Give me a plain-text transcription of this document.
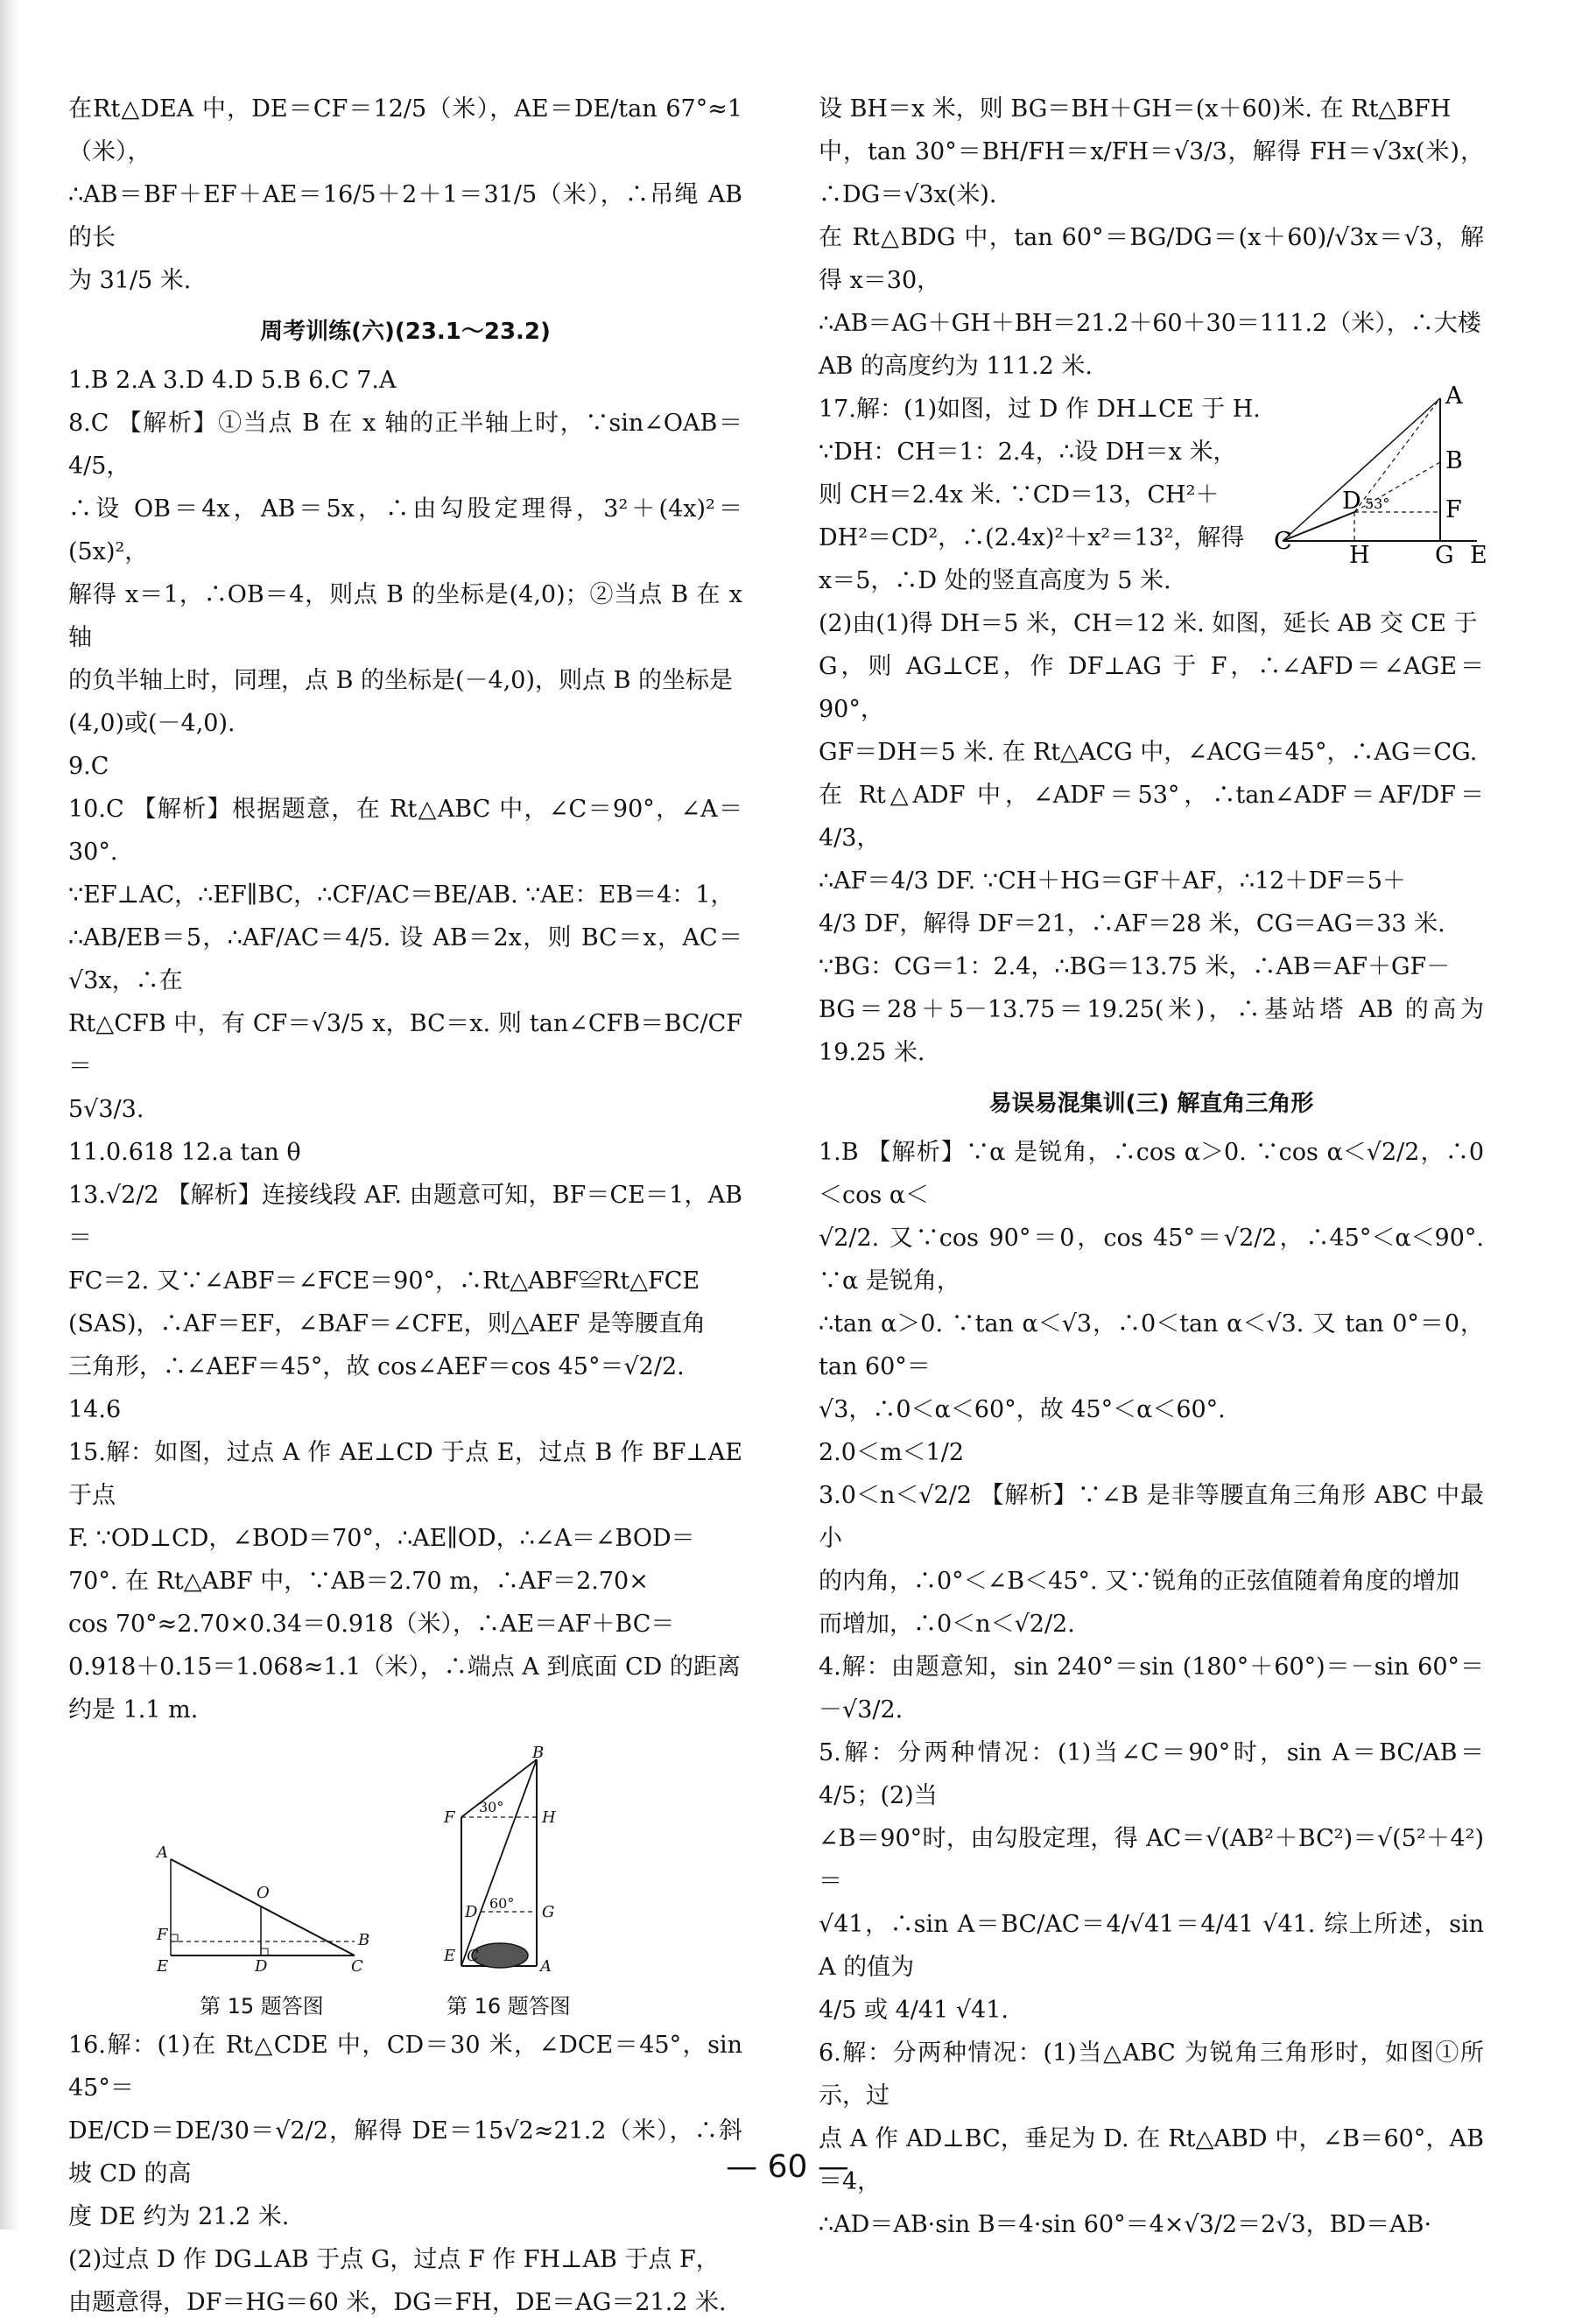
在Rt△DEA 中，DE＝CF＝12/5（米），AE＝DE/tan 67°≈1（米），

∴AB＝BF＋EF＋AE＝16/5＋2＋1＝31/5（米），∴吊绳 AB 的长

为 31/5 米.

周考训练(六)(23.1～23.2)

1.B 2.A 3.D 4.D 5.B 6.C 7.A

8.C 【解析】①当点 B 在 x 轴的正半轴上时，∵sin∠OAB＝4/5，

∴设 OB＝4x，AB＝5x，∴由勾股定理得，3²＋(4x)²＝(5x)²，

解得 x＝1，∴OB＝4，则点 B 的坐标是(4,0)；②当点 B 在 x 轴

的负半轴上时，同理，点 B 的坐标是(－4,0)，则点 B 的坐标是

(4,0)或(－4,0).

9.C

10.C 【解析】根据题意，在 Rt△ABC 中，∠C＝90°，∠A＝30°.

∵EF⊥AC，∴EF∥BC，∴CF/AC＝BE/AB. ∵AE：EB＝4：1，

∴AB/EB＝5，∴AF/AC＝4/5. 设 AB＝2x，则 BC＝x，AC＝√3x，∴在

Rt△CFB 中，有 CF＝√3/5 x，BC＝x. 则 tan∠CFB＝BC/CF＝

5√3/3.

11.0.618 12.a tan θ

13.√2/2 【解析】连接线段 AF. 由题意可知，BF＝CE＝1，AB＝

FC＝2. 又∵∠ABF＝∠FCE＝90°，∴Rt△ABF≌Rt△FCE

(SAS)，∴AF＝EF，∠BAF＝∠CFE，则△AEF 是等腰直角

三角形，∴∠AEF＝45°，故 cos∠AEF＝cos 45°＝√2/2.

14.6

15.解：如图，过点 A 作 AE⊥CD 于点 E，过点 B 作 BF⊥AE 于点

F. ∵OD⊥CD，∠BOD＝70°，∴AE∥OD，∴∠A＝∠BOD＝

70°. 在 Rt△ABF 中，∵AB＝2.70 m，∴AF＝2.70×

cos 70°≈2.70×0.34＝0.918（米），∴AE＝AF＋BC＝

0.918＋0.15＝1.068≈1.1（米），∴端点 A 到底面 CD 的距离

约是 1.1 m.

A
O
B
F
E	D	C
第 15 题答图
B
F
30°
H
D 60° G
E C
A
第 16 题答图

16.解：(1)在 Rt△CDE 中，CD＝30 米，∠DCE＝45°，sin 45°＝

DE/CD＝DE/30＝√2/2，解得 DE＝15√2≈21.2（米），∴斜坡 CD 的高

度 DE 约为 21.2 米.

(2)过点 D 作 DG⊥AB 于点 G，过点 F 作 FH⊥AB 于点 F，

由题意得，DF＝HG＝60 米，DG＝FH，DE＝AG＝21.2 米.

设 BH＝x 米，则 BG＝BH＋GH＝(x＋60)米. 在 Rt△BFH

中，tan 30°＝BH/FH＝x/FH＝√3/3，解得 FH＝√3x(米)，∴DG＝√3x(米).

在 Rt△BDG 中，tan 60°＝BG/DG＝(x＋60)/√3x＝√3，解得 x＝30，

∴AB＝AG＋GH＋BH＝21.2＋60＋30＝111.2（米），∴大楼

AB 的高度约为 111.2 米.

17.解：(1)如图，过 D 作 DH⊥CE 于 H.

∵DH：CH＝1：2.4，∴设 DH＝x 米，

则 CH＝2.4x 米. ∵CD＝13，CH²＋

DH²＝CD²，∴(2.4x)²＋x²＝13²，解得

x＝5，∴D 处的竖直高度为 5 米.

A
B
D 53° F
C
H	G E

(2)由(1)得 DH＝5 米，CH＝12 米. 如图，延长 AB 交 CE 于

G，则 AG⊥CE，作 DF⊥AG 于 F，∴∠AFD＝∠AGE＝90°，

GF＝DH＝5 米. 在 Rt△ACG 中，∠ACG＝45°，∴AG＝CG.

在 Rt△ADF 中，∠ADF＝53°，∴tan∠ADF＝AF/DF＝4/3，

∴AF＝4/3 DF. ∵CH＋HG＝GF＋AF，∴12＋DF＝5＋

4/3 DF，解得 DF＝21，∴AF＝28 米，CG＝AG＝33 米.

∵BG：CG＝1：2.4，∴BG＝13.75 米，∴AB＝AF＋GF－

BG＝28＋5－13.75＝19.25(米)，∴基站塔 AB 的高为 19.25 米.

易误易混集训(三) 解直角三角形

1.B 【解析】∵α 是锐角，∴cos α＞0. ∵cos α＜√2/2，∴0＜cos α＜

√2/2. 又∵cos 90°＝0，cos 45°＝√2/2，∴45°＜α＜90°. ∵α 是锐角，

∴tan α＞0. ∵tan α＜√3，∴0＜tan α＜√3. 又 tan 0°＝0，tan 60°＝

√3，∴0＜α＜60°，故 45°＜α＜60°.

2.0＜m＜1/2

3.0＜n＜√2/2 【解析】∵∠B 是非等腰直角三角形 ABC 中最小

的内角，∴0°＜∠B＜45°. 又∵锐角的正弦值随着角度的增加

而增加，∴0＜n＜√2/2.

4.解：由题意知，sin 240°＝sin (180°＋60°)＝－sin 60°＝－√3/2.

5.解：分两种情况：(1)当∠C＝90°时，sin A＝BC/AB＝4/5；(2)当

∠B＝90°时，由勾股定理，得 AC＝√(AB²＋BC²)＝√(5²＋4²)＝

√41，∴sin A＝BC/AC＝4/√41＝4/41 √41. 综上所述，sin A 的值为

4/5 或 4/41 √41.

6.解：分两种情况：(1)当△ABC 为锐角三角形时，如图①所示，过

点 A 作 AD⊥BC，垂足为 D. 在 Rt△ABD 中，∠B＝60°，AB＝4，

∴AD＝AB·sin B＝4·sin 60°＝4×√3/2＝2√3，BD＝AB·

— 60 —
